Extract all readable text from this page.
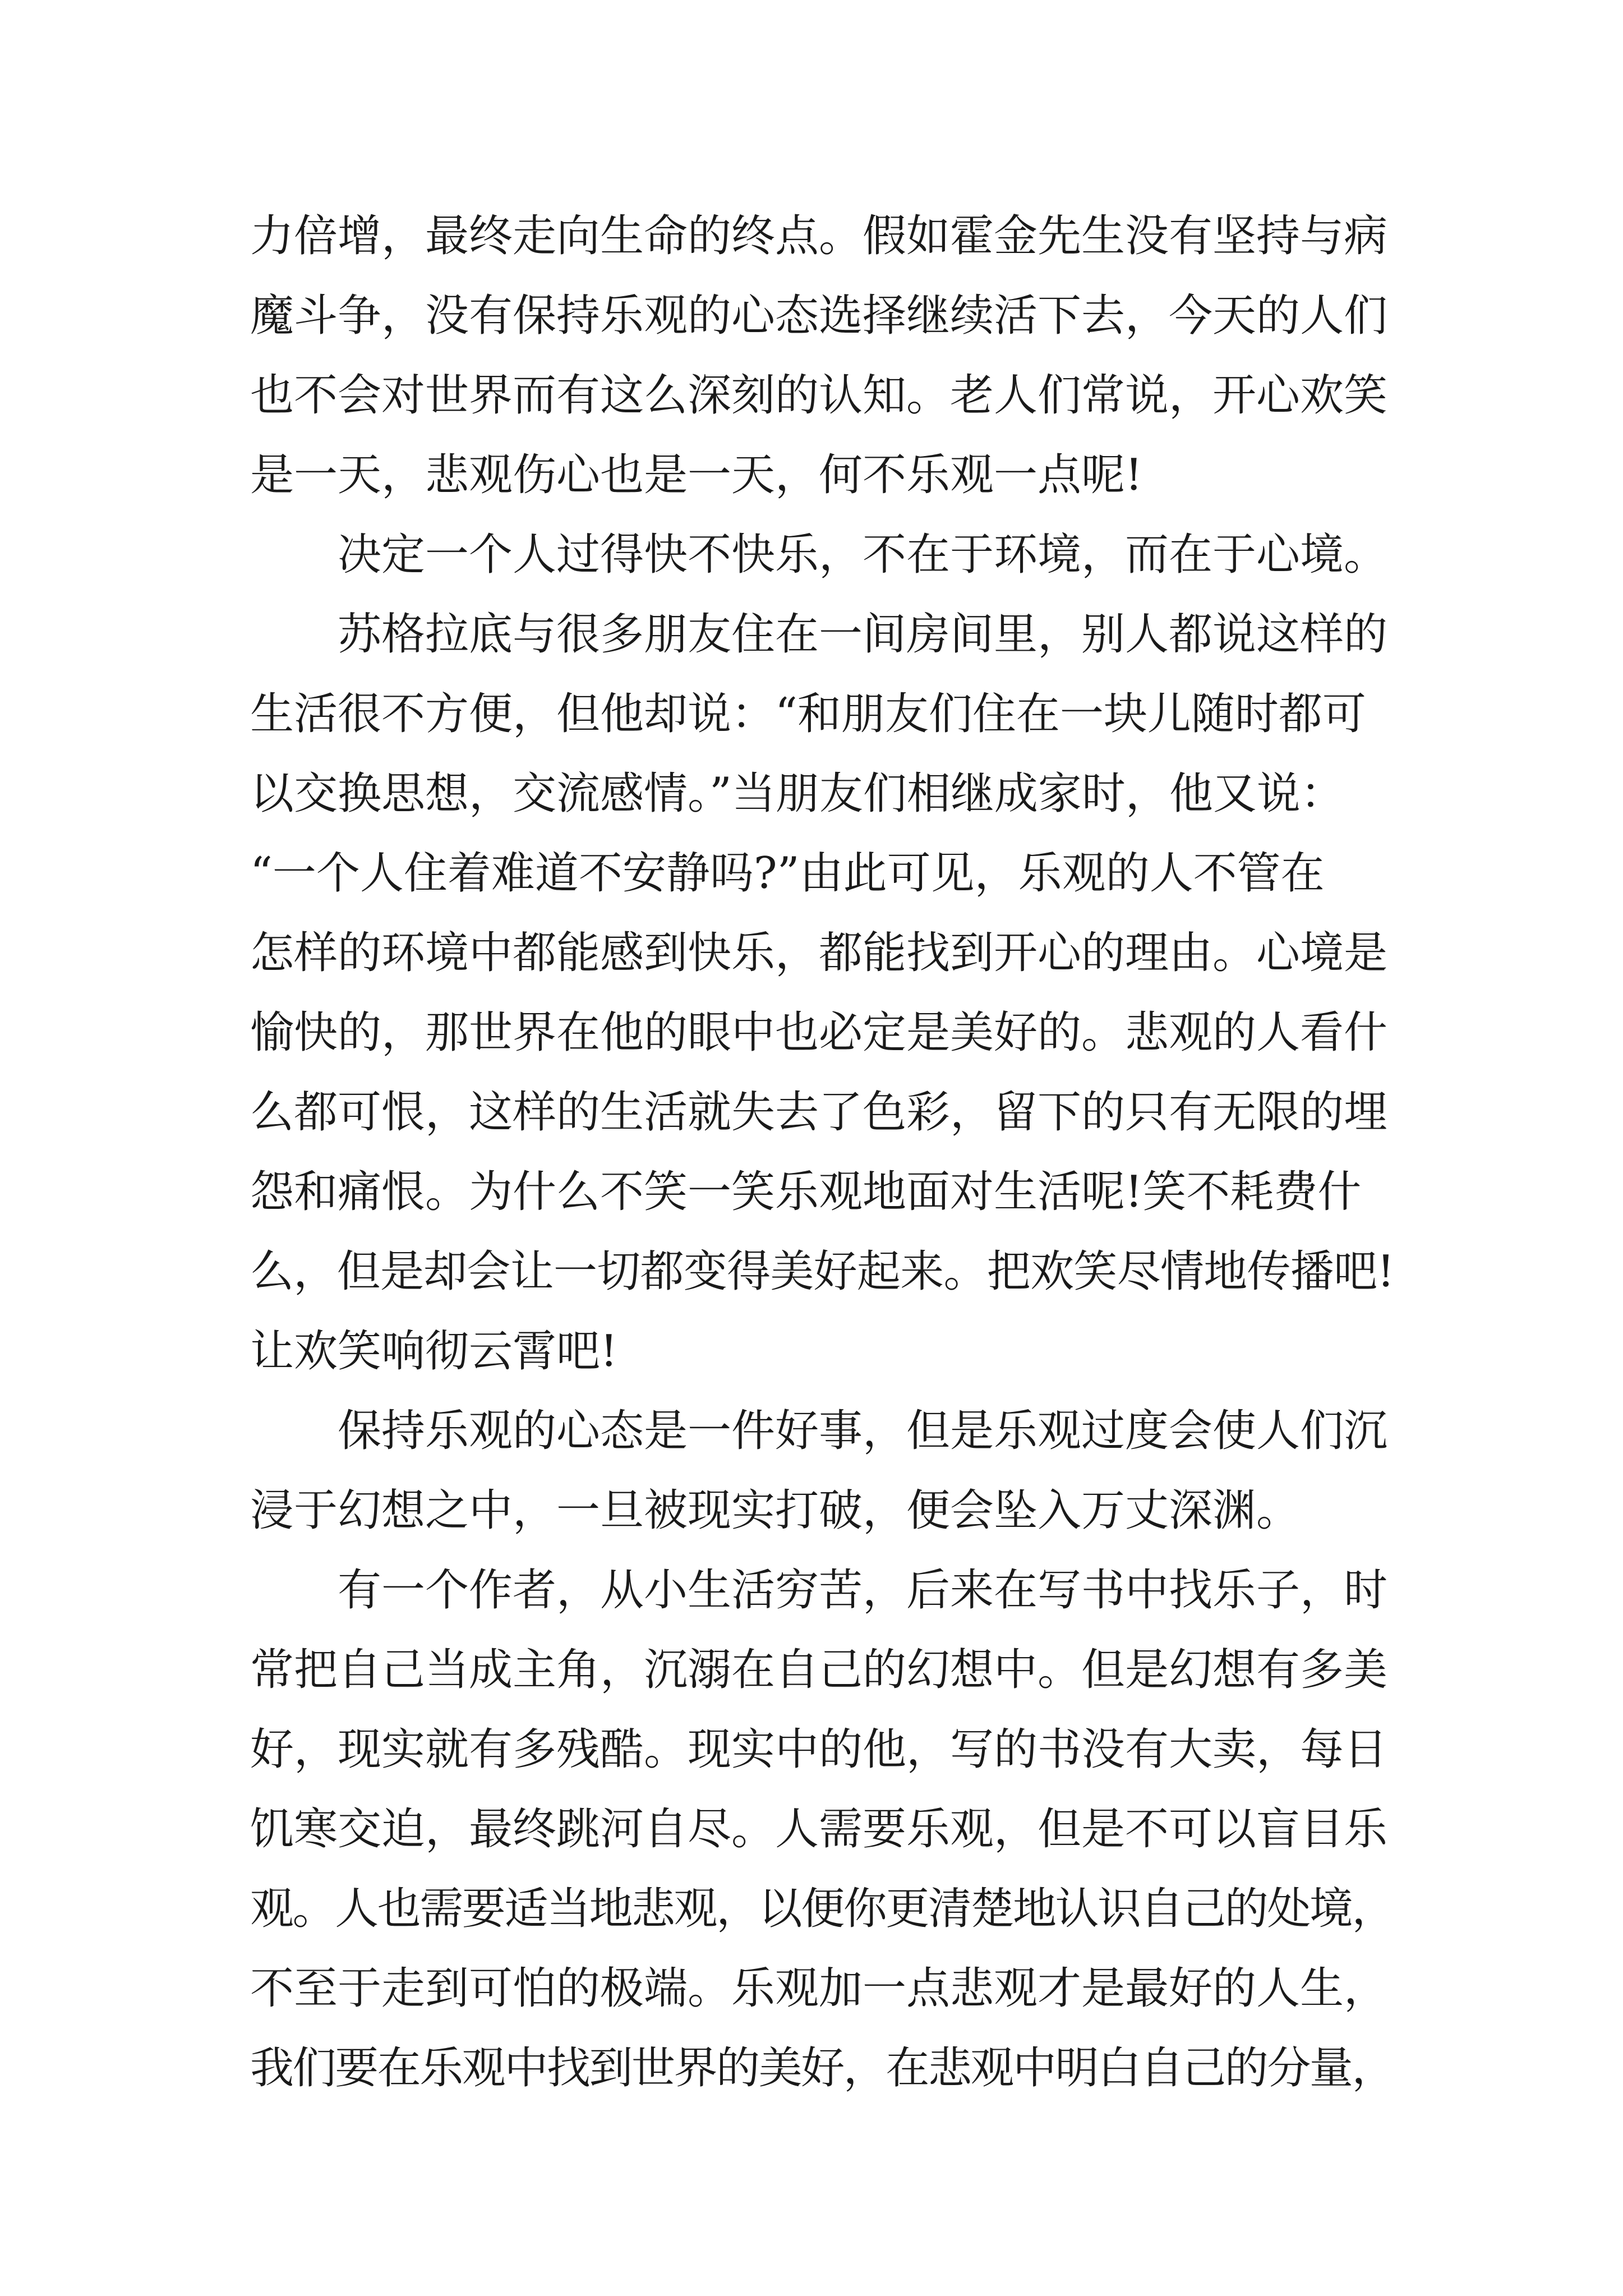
力倍增，最终走向生命的终点。假如霍金先生没有坚持与病
魔斗争，没有保持乐观的心态选择继续活下去，今天的人们
也不会对世界而有这么深刻的认知。老人们常说，开心欢笑
是一天，悲观伤心也是一天，何不乐观一点呢!
决定一个人过得快不快乐，不在于环境，而在于心境。
苏格拉底与很多朋友住在一间房间里，别人都说这样的
生活很不方便，但他却说：“和朋友们住在一块儿随时都可
以交换思想，交流感情。”当朋友们相继成家时，他又说：
“一个人住着难道不安静吗?”由此可见，乐观的人不管在
怎样的环境中都能感到快乐，都能找到开心的理由。心境是
愉快的，那世界在他的眼中也必定是美好的。悲观的人看什
么都可恨，这样的生活就失去了色彩，留下的只有无限的埋
怨和痛恨。为什么不笑一笑乐观地面对生活呢!笑不耗费什
么，但是却会让一切都变得美好起来。把欢笑尽情地传播吧!
让欢笑响彻云霄吧!
保持乐观的心态是一件好事，但是乐观过度会使人们沉
浸于幻想之中，一旦被现实打破，便会坠入万丈深渊。
有一个作者，从小生活穷苦，后来在写书中找乐子，时
常把自己当成主角，沉溺在自己的幻想中。但是幻想有多美
好，现实就有多残酷。现实中的他，写的书没有大卖，每日
饥寒交迫，最终跳河自尽。人需要乐观，但是不可以盲目乐
观。人也需要适当地悲观，以便你更清楚地认识自己的处境，
不至于走到可怕的极端。乐观加一点悲观才是最好的人生，
我们要在乐观中找到世界的美好，在悲观中明白自己的分量，
